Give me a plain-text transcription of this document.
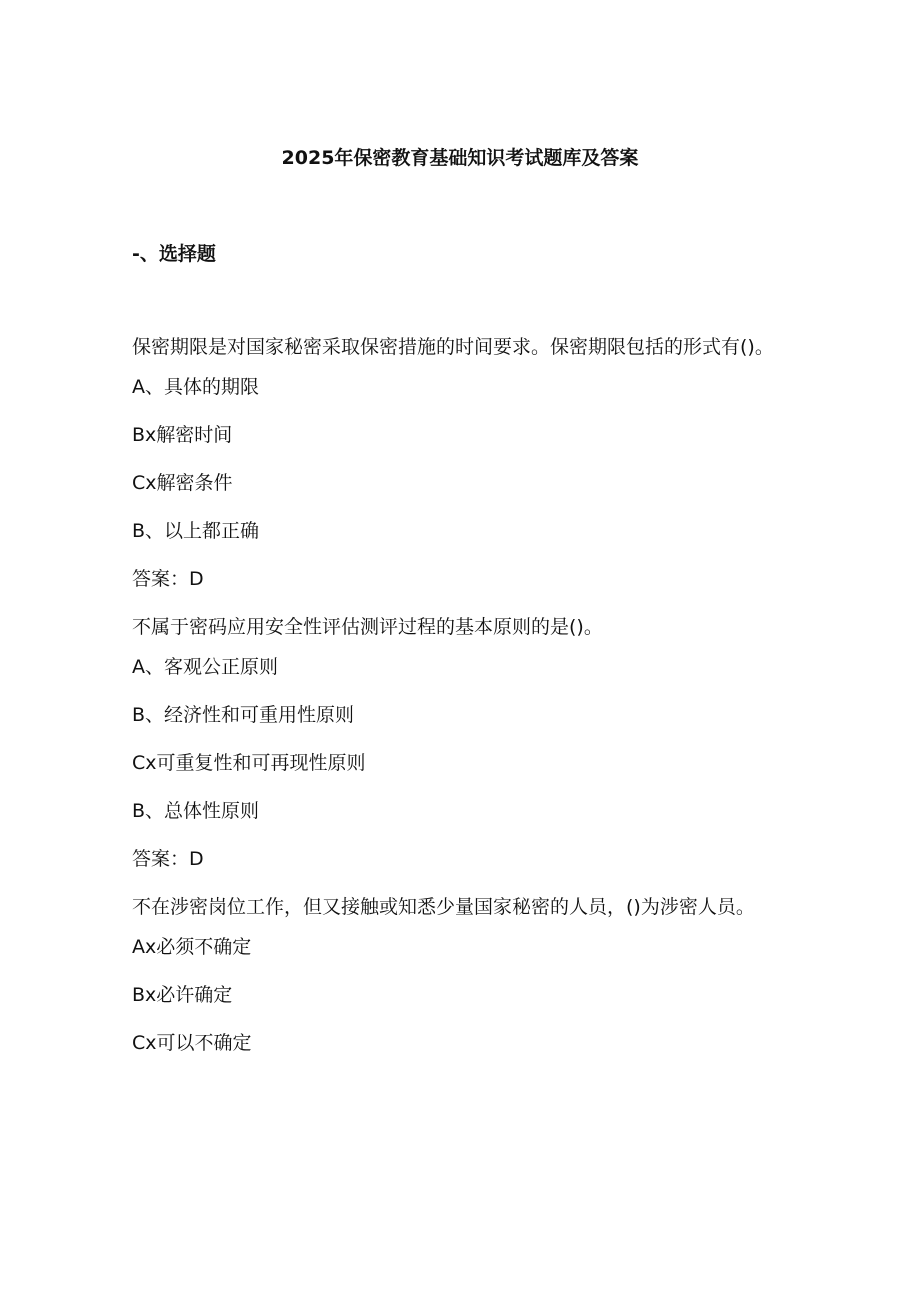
2025年保密教育基础知识考试题库及答案
-、选择题
保密期限是对国家秘密采取保密措施的时间要求。保密期限包括的形式有()。
A、具体的期限
Bx解密时间
Cx解密条件
B、以上都正确
答案：D
不属于密码应用安全性评估测评过程的基本原则的是()。
A、客观公正原则
B、经济性和可重用性原则
Cx可重复性和可再现性原则
B、总体性原则
答案：D
不在涉密岗位工作，但又接触或知悉少量国家秘密的人员，()为涉密人员。
Ax必须不确定
Bx必许确定
Cx可以不确定
